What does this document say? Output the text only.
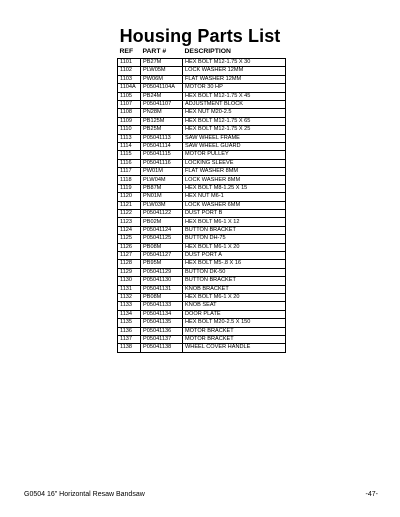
Housing Parts List
REF	PART #	DESCRIPTION
1101	PB27M	HEX BOLT M12-1.75 X 30
1102	PLW05M	LOCK WASHER 12MM
1103	PW06M	FLAT WASHER 12MM
1104A	P05041104A	MOTOR 30 HP
1105	PB24M	HEX BOLT M12-1.75 X 45
1107	P05041107	ADJUSTMENT BLOCK
1108	PN28M	HEX NUT M20-2.5
1109	PB125M	HEX BOLT M12-1.75 X 65
1110	PB25M	HEX BOLT M12-1.75 X 25
1113	P05041113	SAW WHEEL FRAME
1114	P05041114	SAW WHEEL GUARD
1115	P05041115	MOTOR PULLEY
1116	P05041116	LOCKING SLEEVE
1117	PW01M	FLAT WASHER 8MM
1118	PLW04M	LOCK WASHER 8MM
1119	PB87M	HEX BOLT M8-1.25 X 15
1120	PN01M	HEX NUT M6-1
1121	PLW03M	LOCK WASHER 6MM
1122	P05041122	DUST PORT B
1123	PB02M	HEX BOLT M6-1 X 12
1124	P05041124	BUTTON BRACKET
1125	P05041125	BUTTON DH-75
1126	PB08M	HEX BOLT M6-1 X 20
1127	P05041127	DUST PORT A
1128	PB95M	HEX BOLT M5-.8 X 16
1129	P05041129	BUTTON DK-50
1130	P05041130	BUTTON BRACKET
1131	P05041131	KNOB BRACKET
1132	PB08M	HEX BOLT M6-1 X 20
1133	P05041133	KNOB SEAT
1134	P05041134	DOOR PLATE
1135	P05041135	HEX BOLT M20-2.5 X 150
1136	P05041136	MOTOR BRACKET
1137	P05041137	MOTOR BRACKET
1138	P05041138	WHEEL COVER HANDLE
G0504 16" Horizontal Resaw Bandsaw	-47-
